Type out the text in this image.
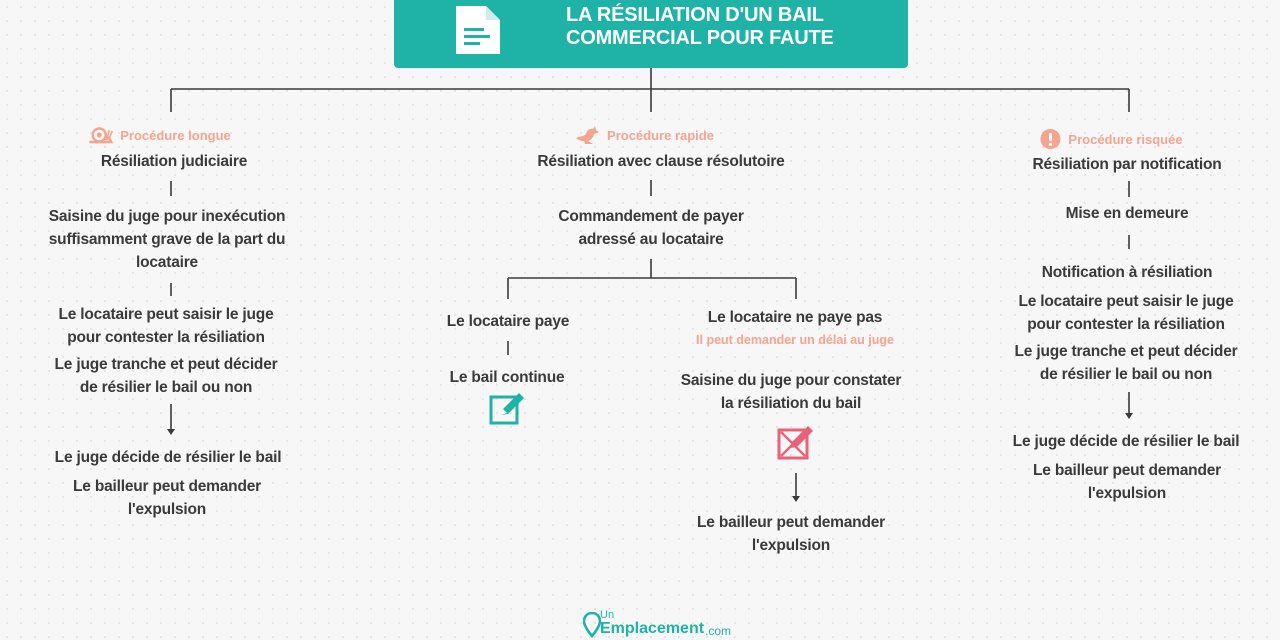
LA RÉSILIATION D'UN BAIL
COMMERCIAL POUR FAUTE
Procédure longue
Résiliation judiciaire
Saisine du juge pour inexécution
suffisamment grave de la part du
locataire
Le locataire peut saisir le juge
pour contester la résiliation
Le juge tranche et peut décider
de résilier le bail ou non
Le juge décide de résilier le bail
Le bailleur peut demander
l'expulsion
Procédure rapide
Résiliation avec clause résolutoire
Commandement de payer
adressé au locataire
Le locataire paye
Le bail continue
Le locataire ne paye pas
Il peut demander un délai au juge
Saisine du juge pour constater
la résiliation du bail
Le bailleur peut demander
l'expulsion
Procédure risquée
Résiliation par notification
Mise en demeure
Notification à résiliation
Le locataire peut saisir le juge
pour contester la résiliation
Le juge tranche et peut décider
de résilier le bail ou non
Le juge décide de résilier le bail
Le bailleur peut demander
l'expulsion
Un
Emplacement .com
